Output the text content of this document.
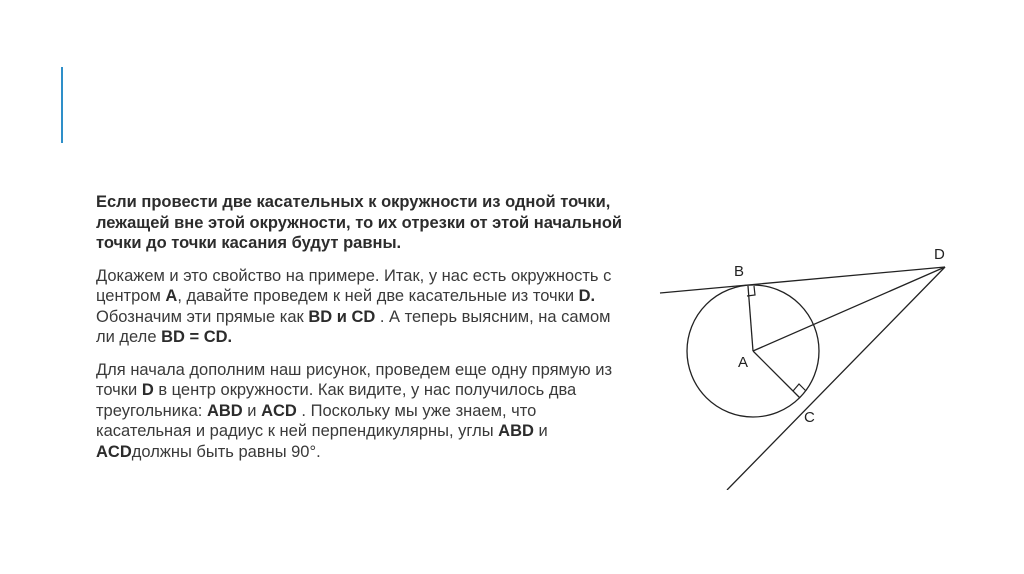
Если провести две касательных к окружности из одной точки, лежащей вне этой окружности, то их отрезки от этой начальной точки до точки касания будут равны.

Докажем и это свойство на примере. Итак, у нас есть окружность с центром A, давайте проведем к ней две касательные из точки D. Обозначим эти прямые как BD и CD . А теперь выясним, на самом ли деле BD = CD.

Для начала дополним наш рисунок, проведем еще одну прямую из точки D в центр окружности. Как видите, у нас получилось два треугольника: ABD и ACD . Поскольку мы уже знаем, что касательная и радиус к ней перпендикулярны, углы ABD и ACDдолжны быть равны 90°.

B
D
A
C
